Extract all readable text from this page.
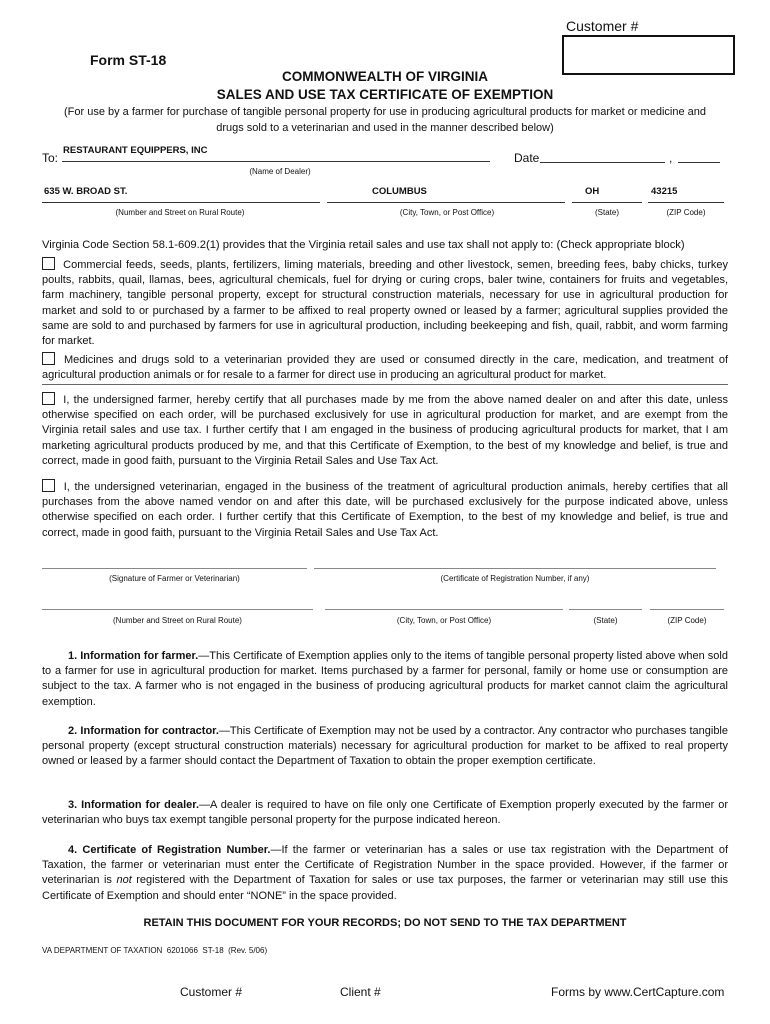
Customer #
Form ST-18
COMMONWEALTH OF VIRGINIA
SALES AND USE TAX CERTIFICATE OF EXEMPTION
(For use by a farmer for purchase of tangible personal property for use in producing agricultural products for market or medicine and
drugs sold to a veterinarian and used in the manner described below)
To:
RESTAURANT EQUIPPERS, INC
(Name of Dealer)
Date	,
635 W. BROAD ST.	COLUMBUS	OH	43215
(Number and Street on Rural Route)	(City, Town, or Post Office)	(State)	(ZIP Code)
Virginia Code Section 58.1-609.2(1) provides that the Virginia retail sales and use tax shall not apply to: (Check appropriate block)
Commercial feeds, seeds, plants, fertilizers, liming materials, breeding and other livestock, semen, breeding fees, baby chicks, turkey poults, rabbits, quail, llamas, bees, agricultural chemicals, fuel for drying or curing crops, baler twine, containers for fruits and vegetables, farm machinery, tangible personal property, except for structural construction materials, necessary for use in agricultural production for market and sold to or purchased by a farmer to be affixed to real property owned or leased by a farmer; agricultural supplies provided the same are sold to and purchased by farmers for use in agricultural production, including beekeeping and fish, quail, rabbit, and worm farming for market.
Medicines and drugs sold to a veterinarian provided they are used or consumed directly in the care, medication, and treatment of agricultural production animals or for resale to a farmer for direct use in producing an agricultural product for market.
I, the undersigned farmer, hereby certify that all purchases made by me from the above named dealer on and after this date, unless otherwise specified on each order, will be purchased exclusively for use in agricultural production for market, and are exempt from the Virginia retail sales and use tax. I further certify that I am engaged in the business of producing agricultural products for market, that I am marketing agricultural products produced by me, and that this Certificate of Exemption, to the best of my knowledge and belief, is true and correct, made in good faith, pursuant to the Virginia Retail Sales and Use Tax Act.
I, the undersigned veterinarian, engaged in the business of the treatment of agricultural production animals, hereby certifies that all purchases from the above named vendor on and after this date, will be purchased exclusively for the purpose indicated above, unless otherwise specified on each order. I further certify that this Certificate of Exemption, to the best of my knowledge and belief, is true and correct, made in good faith, pursuant to the Virginia Retail Sales and Use Tax Act.
(Signature of Farmer or Veterinarian)	(Certificate of Registration Number, if any)
(Number and Street on Rural Route)	(City, Town, or Post Office)	(State)	(ZIP Code)
1. Information for farmer.—This Certificate of Exemption applies only to the items of tangible personal property listed above when sold to a farmer for use in agricultural production for market. Items purchased by a farmer for personal, family or home use or consumption are subject to the tax. A farmer who is not engaged in the business of producing agricultural products for market cannot claim the agricultural exemption.
2. Information for contractor.—This Certificate of Exemption may not be used by a contractor. Any contractor who purchases tangible personal property (except structural construction materials) necessary for agricultural production for market to be affixed to real property owned or leased by a farmer should contact the Department of Taxation to obtain the proper exemption certificate.
3. Information for dealer.—A dealer is required to have on file only one Certificate of Exemption properly executed by the farmer or veterinarian who buys tax exempt tangible personal property for the purpose indicated hereon.
4. Certificate of Registration Number.—If the farmer or veterinarian has a sales or use tax registration with the Department of Taxation, the farmer or veterinarian must enter the Certificate of Registration Number in the space provided. However, if the farmer or veterinarian is not registered with the Department of Taxation for sales or use tax purposes, the farmer or veterinarian may still use this Certificate of Exemption and should enter “NONE” in the space provided.
RETAIN THIS DOCUMENT FOR YOUR RECORDS; DO NOT SEND TO THE TAX DEPARTMENT
VA DEPARTMENT OF TAXATION  6201066  ST-18  (Rev. 5/06)
Customer #	Client #	Forms by www.CertCapture.com
